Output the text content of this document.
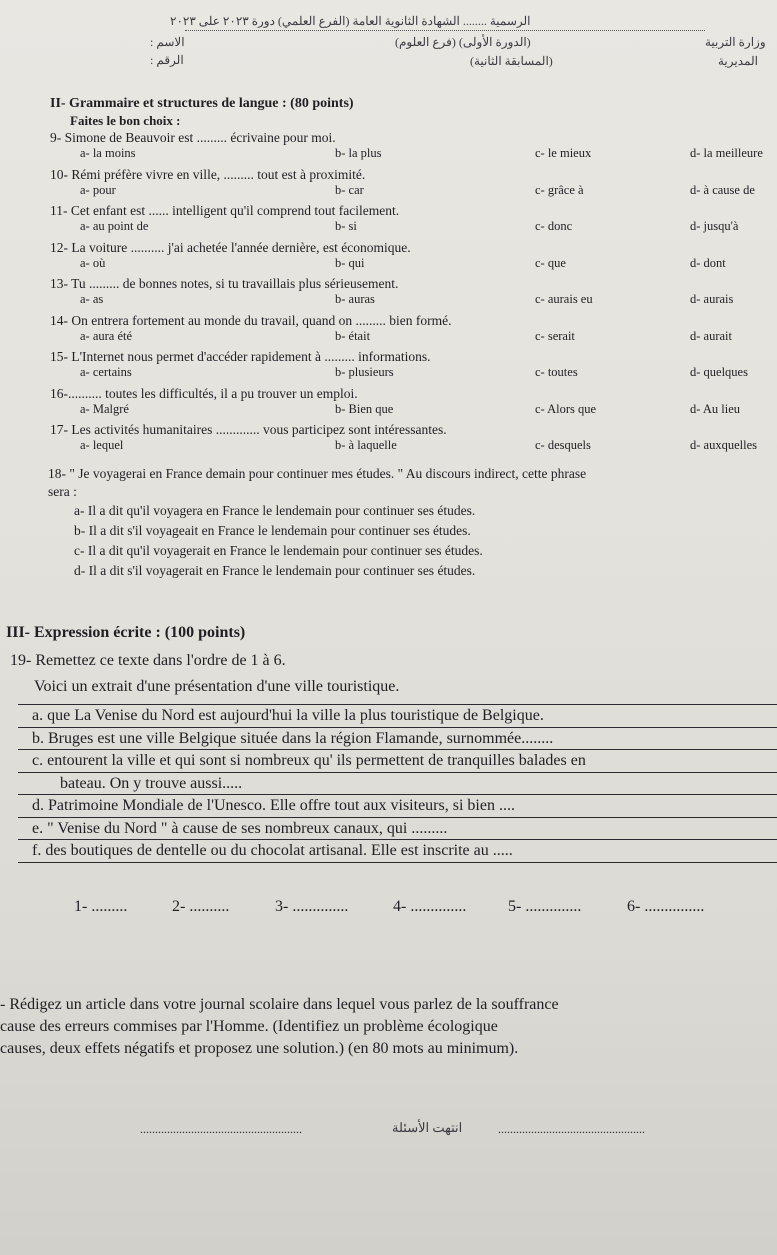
الرسمية ........ الشهادة الثانوية العامة (الفرع العلمي) دورة ٢٠٢٣ على ٢٠٢٣
الاسم :
الرقم :
(الدورة الأولى) (فرع العلوم)
(المسابقة الثانية)
وزارة التربية
المديرية
II- Grammaire et structures de langue : (80 points)
Faites le bon choix :
9- Simone de Beauvoir est ......... écrivaine pour moi.
a- la moins	b- la plus	c- le mieux	d- la meilleure
10- Rémi préfère vivre en ville, ......... tout est à proximité.
a- pour	b- car	c- grâce à	d- à cause de
11- Cet enfant est ...... intelligent qu'il comprend tout facilement.
a- au point de	b- si	c- donc	d- jusqu'à
12- La voiture .......... j'ai achetée l'année dernière, est économique.
a- où	b- qui	c- que	d- dont
13- Tu ......... de bonnes notes, si tu travaillais plus sérieusement.
a- as	b- auras	c- aurais eu	d- aurais
14- On entrera fortement au monde du travail, quand on ......... bien formé.
a- aura été	b- était	c- serait	d- aurait
15- L'Internet nous permet d'accéder rapidement à ......... informations.
a- certains	b- plusieurs	c- toutes	d- quelques
16-.......... toutes les difficultés, il a pu trouver un emploi.
a- Malgré	b- Bien que	c- Alors que	d- Au lieu
17- Les activités humanitaires ............. vous participez sont intéressantes.
a- lequel	b- à laquelle	c- desquels	d- auxquelles
18- " Je voyagerai en France demain pour continuer mes études. " Au discours indirect, cette phrase
sera :
a- Il a dit qu'il voyagera en France le lendemain pour continuer ses études.
b- Il a dit s'il voyageait en France le lendemain pour continuer ses études.
c- Il a dit qu'il voyagerait en France le lendemain pour continuer ses études.
d- Il a dit s'il voyagerait en France le lendemain pour continuer ses études.
III- Expression écrite : (100 points)
19- Remettez ce texte dans l'ordre de 1 à 6.
Voici un extrait d'une présentation d'une ville touristique.
a. que La Venise du Nord est aujourd'hui la ville la plus touristique de Belgique.
b. Bruges est une ville Belgique située dans la région Flamande, surnommée........
c. entourent la ville et qui sont si nombreux qu' ils permettent de tranquilles balades en
bateau. On y trouve aussi.....
d. Patrimoine Mondiale de l'Unesco. Elle offre tout aux visiteurs, si bien ....
e. " Venise du Nord " à cause de ses nombreux canaux, qui .........
f. des boutiques de dentelle ou du chocolat artisanal. Elle est inscrite au .....
1- .........	2- ..........	3- ..............	4- ..............	5- ..............	6- ...............
- Rédigez un article dans votre journal scolaire dans lequel vous parlez de la souffrance
cause des erreurs commises par l'Homme. (Identifiez un problème écologique
causes, deux effets négatifs et proposez une solution.) (en 80 mots au minimum).
......................................................	انتهت الأسئلة	.................................................
